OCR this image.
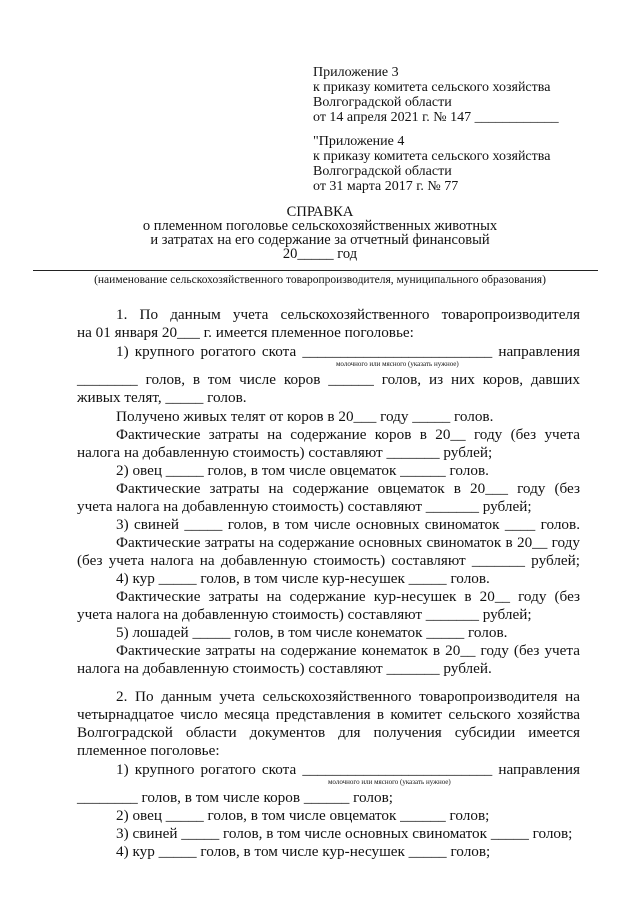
Приложение 3
к приказу комитета сельского хозяйства
Волгоградской области
от 14 апреля 2021 г. № 147 ____________
"Приложение 4
к приказу комитета сельского хозяйства
Волгоградской области
от 31 марта 2017 г. № 77
СПРАВКА
о племенном поголовье сельскохозяйственных животных
и затратах на его содержание за отчетный финансовый
20_____ год
(наименование сельскохозяйственного товаропроизводителя, муниципального образования)
1. По данным учета сельскохозяйственного товаропроизводителя
на 01 января 20___ г. имеется племенное поголовье:
1) крупного рогатого скота _________________________ направления
молочного или мясного (указать нужное)
________ голов, в том числе коров ______ голов, из них коров, давших
живых телят, _____ голов.
Получено живых телят от коров в 20___ году _____ голов.
Фактические затраты на содержание коров в 20__ году (без учета
налога на добавленную стоимость) составляют _______ рублей;
2) овец _____ голов, в том числе овцематок ______ голов.
Фактические затраты на содержание овцематок в 20___ году (без
учета налога на добавленную стоимость) составляют _______ рублей;
3) свиней _____ голов, в том числе основных свиноматок ____ голов.
Фактические затраты на содержание основных свиноматок в 20__ году
(без учета налога на добавленную стоимость) составляют _______ рублей;
4) кур _____ голов, в том числе кур-несушек _____ голов.
Фактические затраты на содержание кур-несушек в 20__ году (без
учета налога на добавленную стоимость) составляют _______ рублей;
5) лошадей _____ голов, в том числе конематок _____ голов.
Фактические затраты на содержание конематок в 20__ году (без учета
налога на добавленную стоимость) составляют _______ рублей.
2. По данным учета сельскохозяйственного товаропроизводителя на
четырнадцатое число месяца представления в комитет сельского хозяйства
Волгоградской области документов для получения субсидии имеется
племенное поголовье:
1) крупного рогатого скота _________________________ направления
молочного или мясного (указать нужное)
________ голов, в том числе коров ______ голов;
2) овец _____ голов, в том числе овцематок ______ голов;
3) свиней _____ голов, в том числе основных свиноматок _____ голов;
4) кур _____ голов, в том числе кур-несушек _____ голов;
